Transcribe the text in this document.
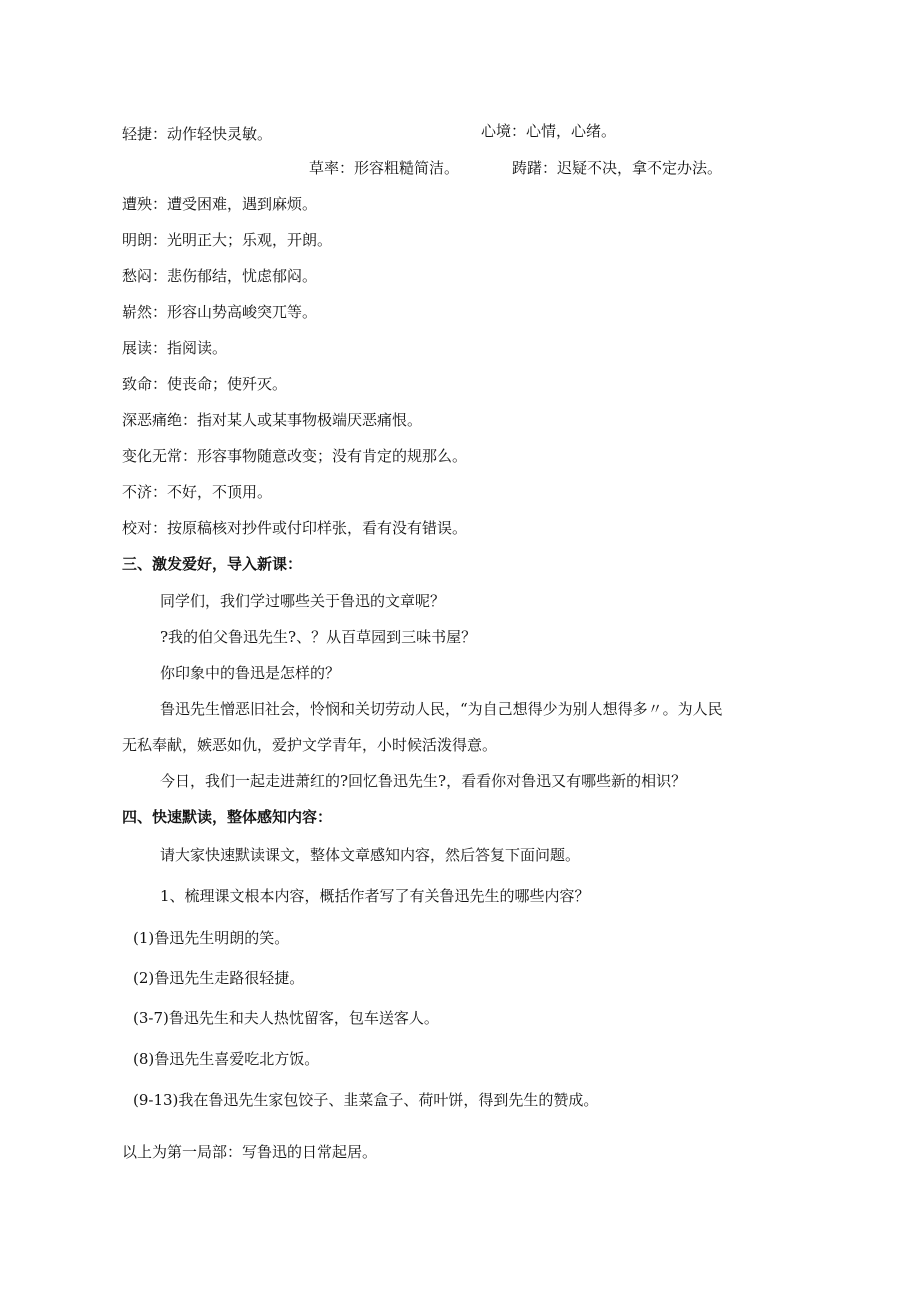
轻捷：动作轻快灵敏。	心境：心情，心绪。
草率：形容粗糙简洁。	踌躇：迟疑不决，拿不定办法。
遭殃：遭受困难，遇到麻烦。
明朗：光明正大；乐观，开朗。
愁闷：悲伤郁结，忧虑郁闷。
崭然：形容山势高峻突兀等。
展读：指阅读。
致命：使丧命；使歼灭。
深恶痛绝：指对某人或某事物极端厌恶痛恨。
变化无常：形容事物随意改变；没有肯定的规那么。
不济：不好，不顶用。
校对：按原稿核对抄件或付印样张，看有没有错误。
三、激发爱好，导入新课：
同学们，我们学过哪些关于鲁迅的文章呢？
?我的伯父鲁迅先生?、？从百草园到三味书屋？
你印象中的鲁迅是怎样的？
鲁迅先生憎恶旧社会，怜悯和关切劳动人民，“为自己想得少为别人想得多〃。为人民
无私奉献，嫉恶如仇，爱护文学青年，小时候活泼得意。
今日，我们一起走进萧红的?回忆鲁迅先生?，看看你对鲁迅又有哪些新的相识？
四、快速默读，整体感知内容：
请大家快速默读课文，整体文章感知内容，然后答复下面问题。
1、梳理课文根本内容，概括作者写了有关鲁迅先生的哪些内容？
(1)鲁迅先生明朗的笑。
(2)鲁迅先生走路很轻捷。
(3-7)鲁迅先生和夫人热忱留客，包车送客人。
(8)鲁迅先生喜爱吃北方饭。
(9-13)我在鲁迅先生家包饺子、韭菜盒子、荷叶饼，得到先生的赞成。
以上为第一局部：写鲁迅的日常起居。
